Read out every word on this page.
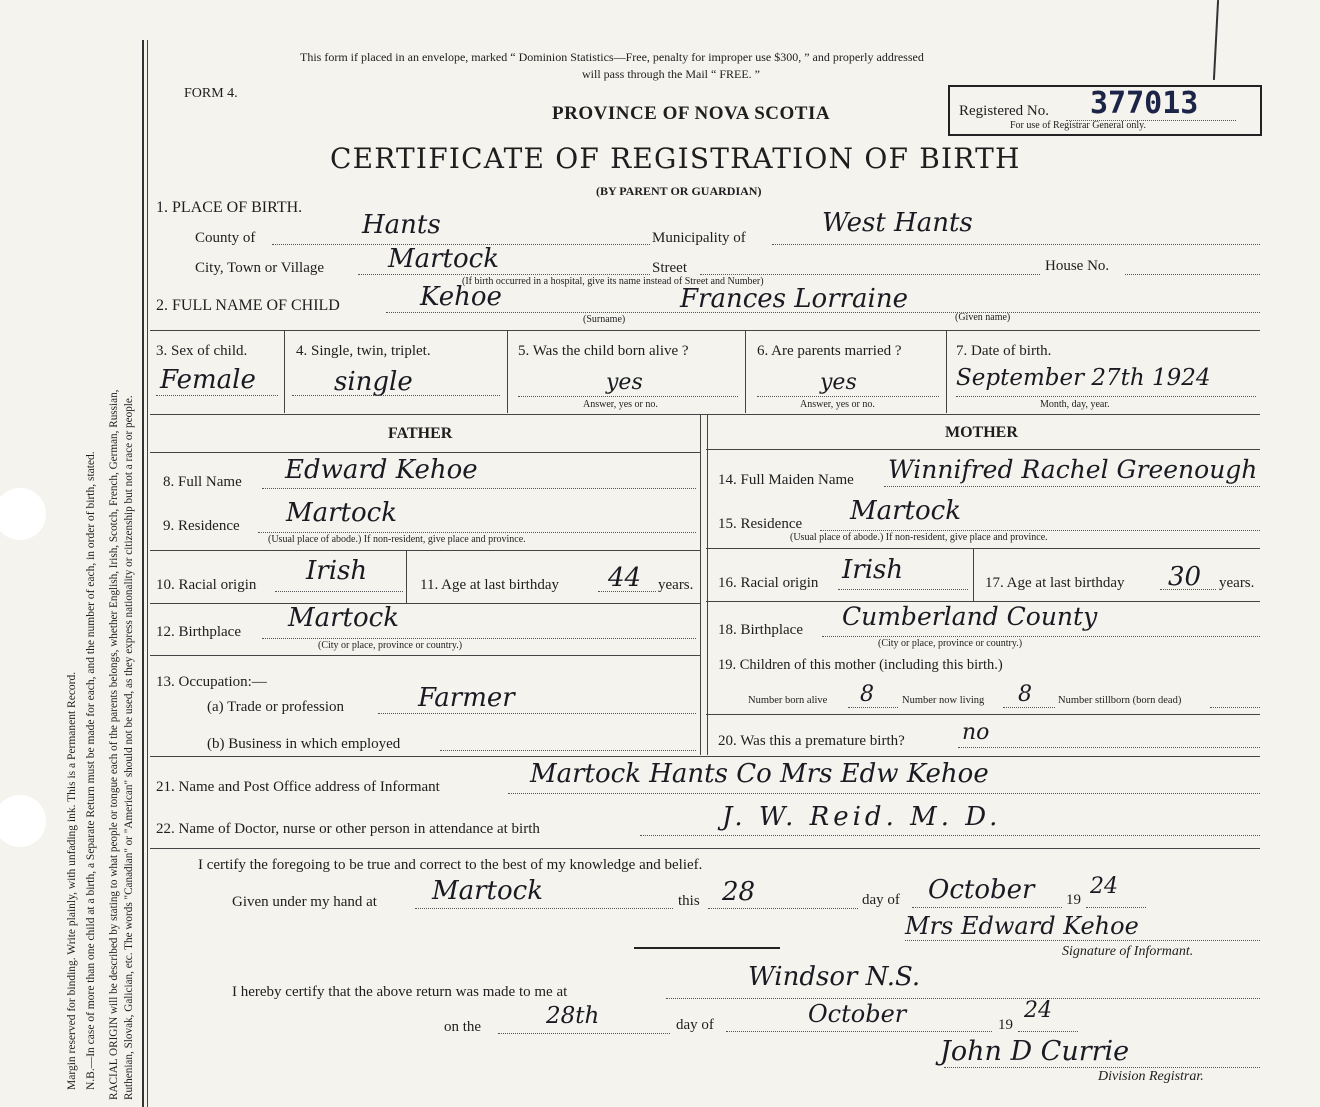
Margin reserved for binding. Write plainly, with unfading ink. This is a Permanent Record. N.B.—In case of more than one child at a birth, a Separate Return must be made for each, and the number of each, in order of birth, stated. RACIAL ORIGIN will be described by stating to what people or tongue each of the parents belongs, whether English, Irish, Scotch, French, German, Russian, Ruthenian, Slovak, Galician, etc. The words "Canadian" or "American" should not be used, as they express nationality or citizenship but not a race or people.
This form if placed in an envelope, marked “ Dominion Statistics—Free, penalty for improper use $300, ” and properly addressed
will pass through the Mail “ FREE. ”
FORM 4.
PROVINCE OF NOVA SCOTIA
CERTIFICATE OF REGISTRATION OF BIRTH
(BY PARENT OR GUARDIAN)
Registered No. 377013
For use of Registrar General only.
1. PLACE OF BIRTH.
County of	Hants	Municipality of	West Hants
City, Town or Village Martock	Street	House No.
(If birth occurred in a hospital, give its name instead of Street and Number)
2. FULL NAME OF CHILD	Kehoe	Frances Lorraine
(Surname)	(Given name)
3. Sex of child.
Female
4. Single, twin, triplet.
single
5. Was the child born alive ?
yes
Answer, yes or no.
6. Are parents married ?
yes
Answer, yes or no.
7. Date of birth.
September 27th 1924
Month, day, year.
FATHER	MOTHER
8. Full Name Edward Kehoe
9. Residence Martock
(Usual place of abode.) If non-resident, give place and province.
10. Racial origin Irish	11. Age at last birthday 44 years.
12. Birthplace Martock
(City or place, province or country.)
13. Occupation:—
(a) Trade or profession	Farmer
(b) Business in which employed
14. Full Maiden Name Winnifred Rachel Greenough
15. Residence Martock
(Usual place of abode.) If non-resident, give place and province.
16. Racial origin Irish	17. Age at last birthday 30 years.
18. Birthplace Cumberland County
(City or place, province or country.)
19. Children of this mother (including this birth.)
Number born alive 8	Number now living 8 Number stillborn (born dead)
20. Was this a premature birth?	no
21. Name and Post Office address of Informant	Martock Hants Co Mrs Edw Kehoe
22. Name of Doctor, nurse or other person in attendance at birth	J. W. Reid. M. D.
I certify the foregoing to be true and correct to the best of my knowledge and belief.
Given under my hand at Martock	this 28	day of October 19
24
Mrs Edward Kehoe
Signature of Informant.
I hereby certify that the above return was made to me at	Windsor N.S.
on the	28th	day of	October	19
24
John D Currie
Division Registrar.
